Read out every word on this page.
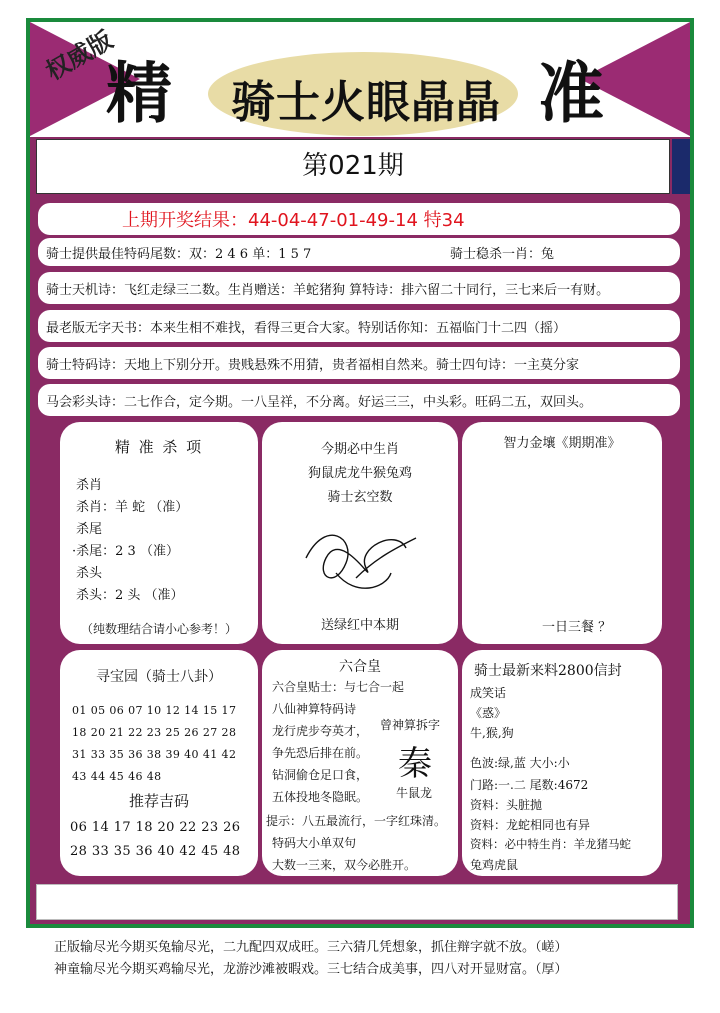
权威版
精	骑士火眼晶晶 准
第021期
上期开奖结果：44-04-47-01-49-14 特34
骑士提供最佳特码尾数：双：2 4 6 单：1 5 7	骑士稳杀一肖：兔
骑士天机诗：飞红走绿三二数。生肖赠送：羊蛇猪狗 算特诗：排六留二十同行，三七来后一有财。
最老版无字天书：本来生相不难找，看得三更合大家。特别话你知：五福临门十二四（摇）
骑士特码诗：天地上下别分开。贵贱悬殊不用猜，贵者福相自然来。骑士四句诗：一主莫分家
马会彩头诗：二七作合，定今期。一八呈祥，不分离。好运三三，中头彩。旺码二五，双回头。
精 准 杀 项
杀肖
杀肖：羊 蛇 （准）
杀尾
·杀尾：2 3 （准）
杀头
杀头：2 头 （准）
（纯数理结合请小心参考！）
今期必中生肖
狗鼠虎龙牛猴兔鸡
骑士玄空数
送绿红中本期
智力金壤《期期准》
一日三餐 ？
寻宝园（骑士八卦）
01 05 06 07 10 12 14 15 17
18 20 21 22 23 25 26 27 28
31 33 35 36 38 39 40 41 42
43 44 45 46 48
推荐吉码
06 14 17 18 20 22 23 26
28 33 35 36 40 42 45 48
六合皇
六合皇贴士：与七合一起
八仙神算特码诗
龙行虎步夸英才，
争先恐后排在前。
钻洞偷仓足口食，
五体投地冬隐眠。
曾神算拆字
秦
牛鼠龙
提示：八五最流行，一字红珠清。
特码大小单双句
大数一三来，双今必胜开。
骑士最新来料2800信封
成笑话
《惑》
牛,猴,狗
色波:绿,蓝 大小:小
门路:一.二 尾数:4672
资料：头脏抛
资料：龙蛇相同也有异
资料：必中特生肖：羊龙猪马蛇
兔鸡虎鼠
正版输尽光今期买兔输尽光，二九配四双成旺。三六猜几凭想象，抓住辩字就不放。（嵯）
神童输尽光今期买鸡输尽光，龙游沙滩被暇戏。三七结合成美事，四八对开显财富。（厚）
